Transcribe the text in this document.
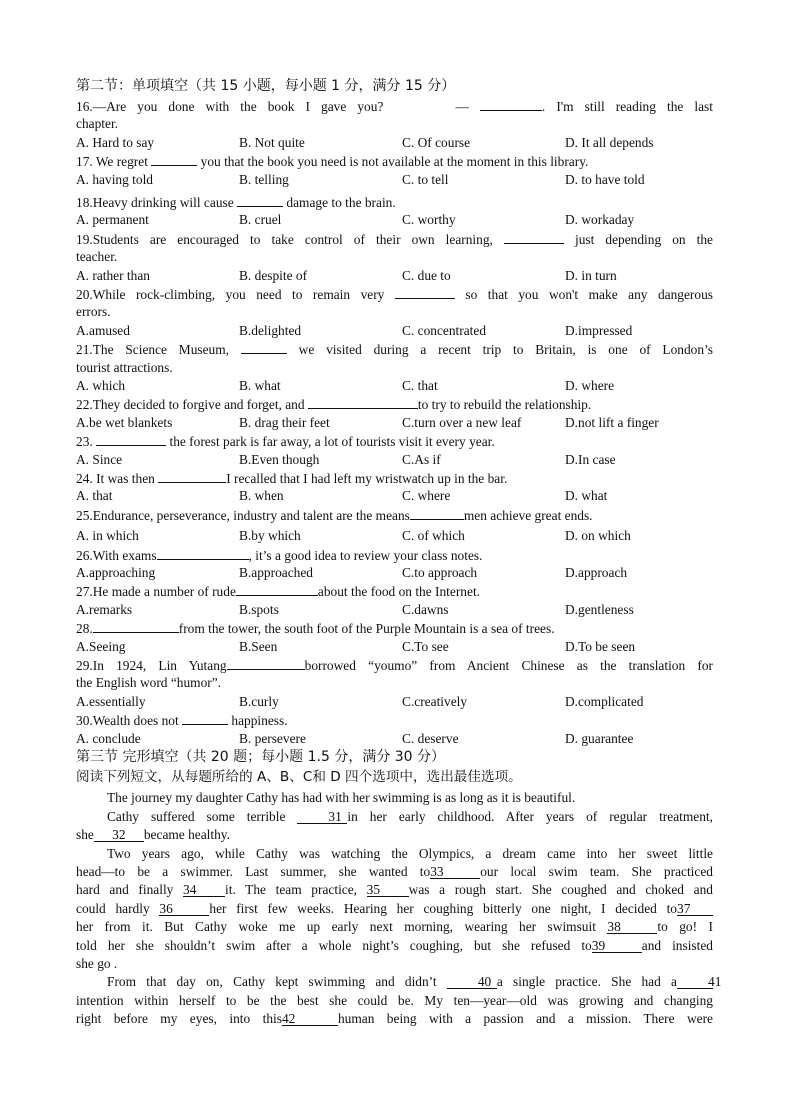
第二节：单项填空（共 15 小题，每小题 1 分，满分 15 分）
16.—Are you done with the book I gave you?	—	. I'm still reading the last
chapter.
A. Hard to say	B. Not quite	C. Of course	D. It all depends
17. We regret	you that the book you need is not available at the moment in this library.
A. having told	B. telling	C. to tell	D. to have told
18.Heavy drinking will cause	damage to the brain.
A. permanent	B. cruel	C. worthy	D. workaday
19.Students are encouraged to take control of their own learning,	just depending on the
teacher.
A. rather than	B. despite of	C. due to	D. in turn
20.While rock-climbing, you need to remain very	so that you won't make any dangerous
errors.
A.amused	B.delighted	C. concentrated	D.impressed
21.The Science Museum,	we visited during a recent trip to Britain, is one of London’s
tourist attractions.
A. which	B. what	C. that	D. where
22.They decided to forgive and forget, and	to try to rebuild the relationship.
A.be wet blankets	B. drag their feet	C.turn over a new leaf	D.not lift a finger
23.	the forest park is far away, a lot of tourists visit it every year.
A. Since	B.Even though	C.As if	D.In case
24. It was then	I recalled that I had left my wristwatch up in the bar.
A. that	B. when	C. where	D. what
25.Endurance, perseverance, industry and talent are the means	men achieve great ends.
A. in which	B.by which	C. of which	D. on which
26.With exams	, it’s a good idea to review your class notes.
A.approaching	B.approached	C.to approach	D.approach
27.He made a number of rude	about the food on the Internet.
A.remarks	B.spots	C.dawns	D.gentleness
28.	from the tower, the south foot of the Purple Mountain is a sea of trees.
A.Seeing	B.Seen	C.To see	D.To be seen
29.In 1924, Lin Yutang	borrowed “youmo” from Ancient Chinese as the translation for
the English word “humor”.
A.essentially	B.curly	C.creatively	D.complicated
30.Wealth does not	happiness.
A. conclude	B. persevere	C. deserve	D. guarantee
第三节 完形填空（共 20 题；每小题 1.5 分，满分 30 分）
阅读下列短文，从每题所给的 A、B、C和 D 四个选项中，选出最佳选项。
The journey my daughter Cathy has had with her swimming is as long as it is beautiful.
Cathy suffered some terrible	31 in her early childhood. After years of regular treatment,
she 32 became healthy.
Two years ago, while Cathy was watching the Olympics, a dream came into her sweet little
head—to be a swimmer. Last summer, she wanted to33	our local swim team. She practiced
hard and finally 34 it. The team practice, 35 was a rough start. She coughed and choked and
could hardly 36	her first few weeks. Hearing her coughing bitterly one night, I decided to37
her from it. But Cathy woke me up early next morning, wearing her swimsuit 38	to go! I
told her she shouldn’t swim after a whole night’s coughing, but she refused to39	and insisted
she go .
From that day on, Cathy kept swimming and didn’t	40 a single practice. She had a 41
intention within herself to be the best she could be. My ten—year—old was growing and changing
right before my eyes, into this42	human being with a passion and a mission. There were
